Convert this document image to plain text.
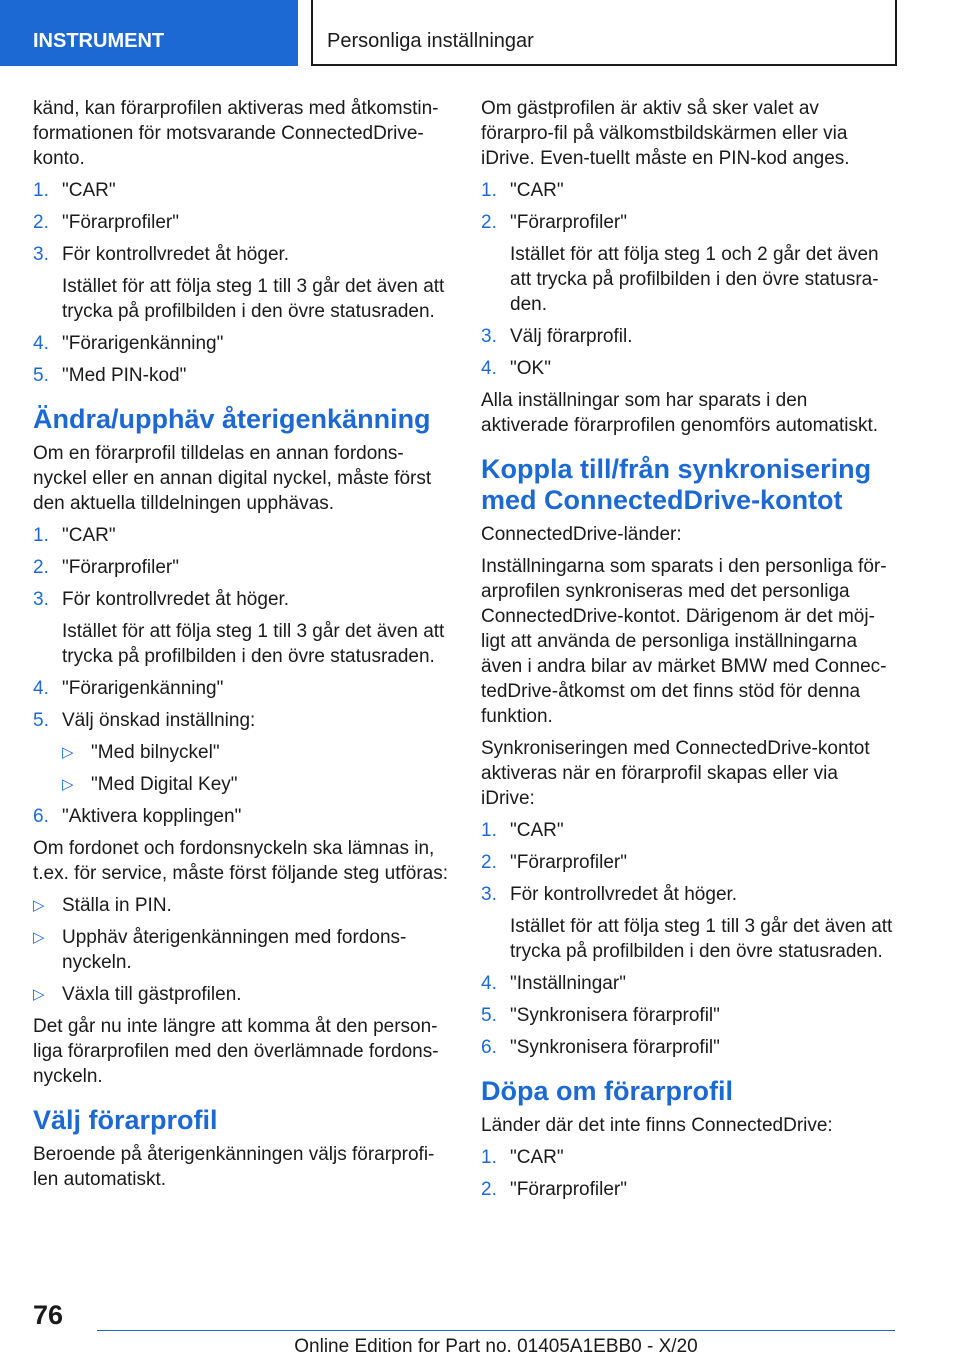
INSTRUMENT	Personliga inställningar

känd, kan förarprofilen aktiveras med åtkomstin-formationen för motsvarande ConnectedDrive-konto.

1. "CAR"
2. "Förarprofiler"
3. För kontrollvredet åt höger.
Istället för att följa steg 1 till 3 går det även att trycka på profilbilden i den övre statusraden.
4. "Förarigenkänning"
5. "Med PIN-kod"
Ändra/upphäv återigenkänning

Om en förarprofil tilldelas en annan fordons-nyckel eller en annan digital nyckel, måste först den aktuella tilldelningen upphävas.

1. "CAR"
2. "Förarprofiler"
3. För kontrollvredet åt höger.
Istället för att följa steg 1 till 3 går det även att trycka på profilbilden i den övre statusraden.
4. "Förarigenkänning"
5. Välj önskad inställning:
▷ "Med bilnyckel"
▷ "Med Digital Key"
6. "Aktivera kopplingen"

Om fordonet och fordonsnyckeln ska lämnas in, t.ex. för service, måste först följande steg utföras:

▷ Ställa in PIN.
▷ Upphäv återigenkänningen med fordons-nyckeln.
▷ Växla till gästprofilen.

Det går nu inte längre att komma åt den person-liga förarprofilen med den överlämnade fordons-nyckeln.

Välj förarprofil

Beroende på återigenkänningen väljs förarprofi-len automatiskt.

Om gästprofilen är aktiv så sker valet av förarpro-fil på välkomstbildskärmen eller via iDrive. Even-tuellt måste en PIN-kod anges.

1. "CAR"
2. "Förarprofiler"
Istället för att följa steg 1 och 2 går det även att trycka på profilbilden i den övre statusra-den.
3. Välj förarprofil.
4. "OK"

Alla inställningar som har sparats i den aktiverade förarprofilen genomförs automatiskt.

Koppla till/från synkronisering med ConnectedDrive-kontot

ConnectedDrive-länder:

Inställningarna som sparats i den personliga för-arprofilen synkroniseras med det personliga ConnectedDrive-kontot. Därigenom är det möj-ligt att använda de personliga inställningarna även i andra bilar av märket BMW med Connec-tedDrive-åtkomst om det finns stöd för denna funktion.

Synkroniseringen med ConnectedDrive-kontot aktiveras när en förarprofil skapas eller via iDrive:

1. "CAR"
2. "Förarprofiler"
3. För kontrollvredet åt höger.
Istället för att följa steg 1 till 3 går det även att trycka på profilbilden i den övre statusraden.
4. "Inställningar"
5. "Synkronisera förarprofil"
6. "Synkronisera förarprofil"
Döpa om förarprofil

Länder där det inte finns ConnectedDrive:

1. "CAR"
2. "Förarprofiler"
76
Online Edition for Part no. 01405A1EBB0 - X/20
